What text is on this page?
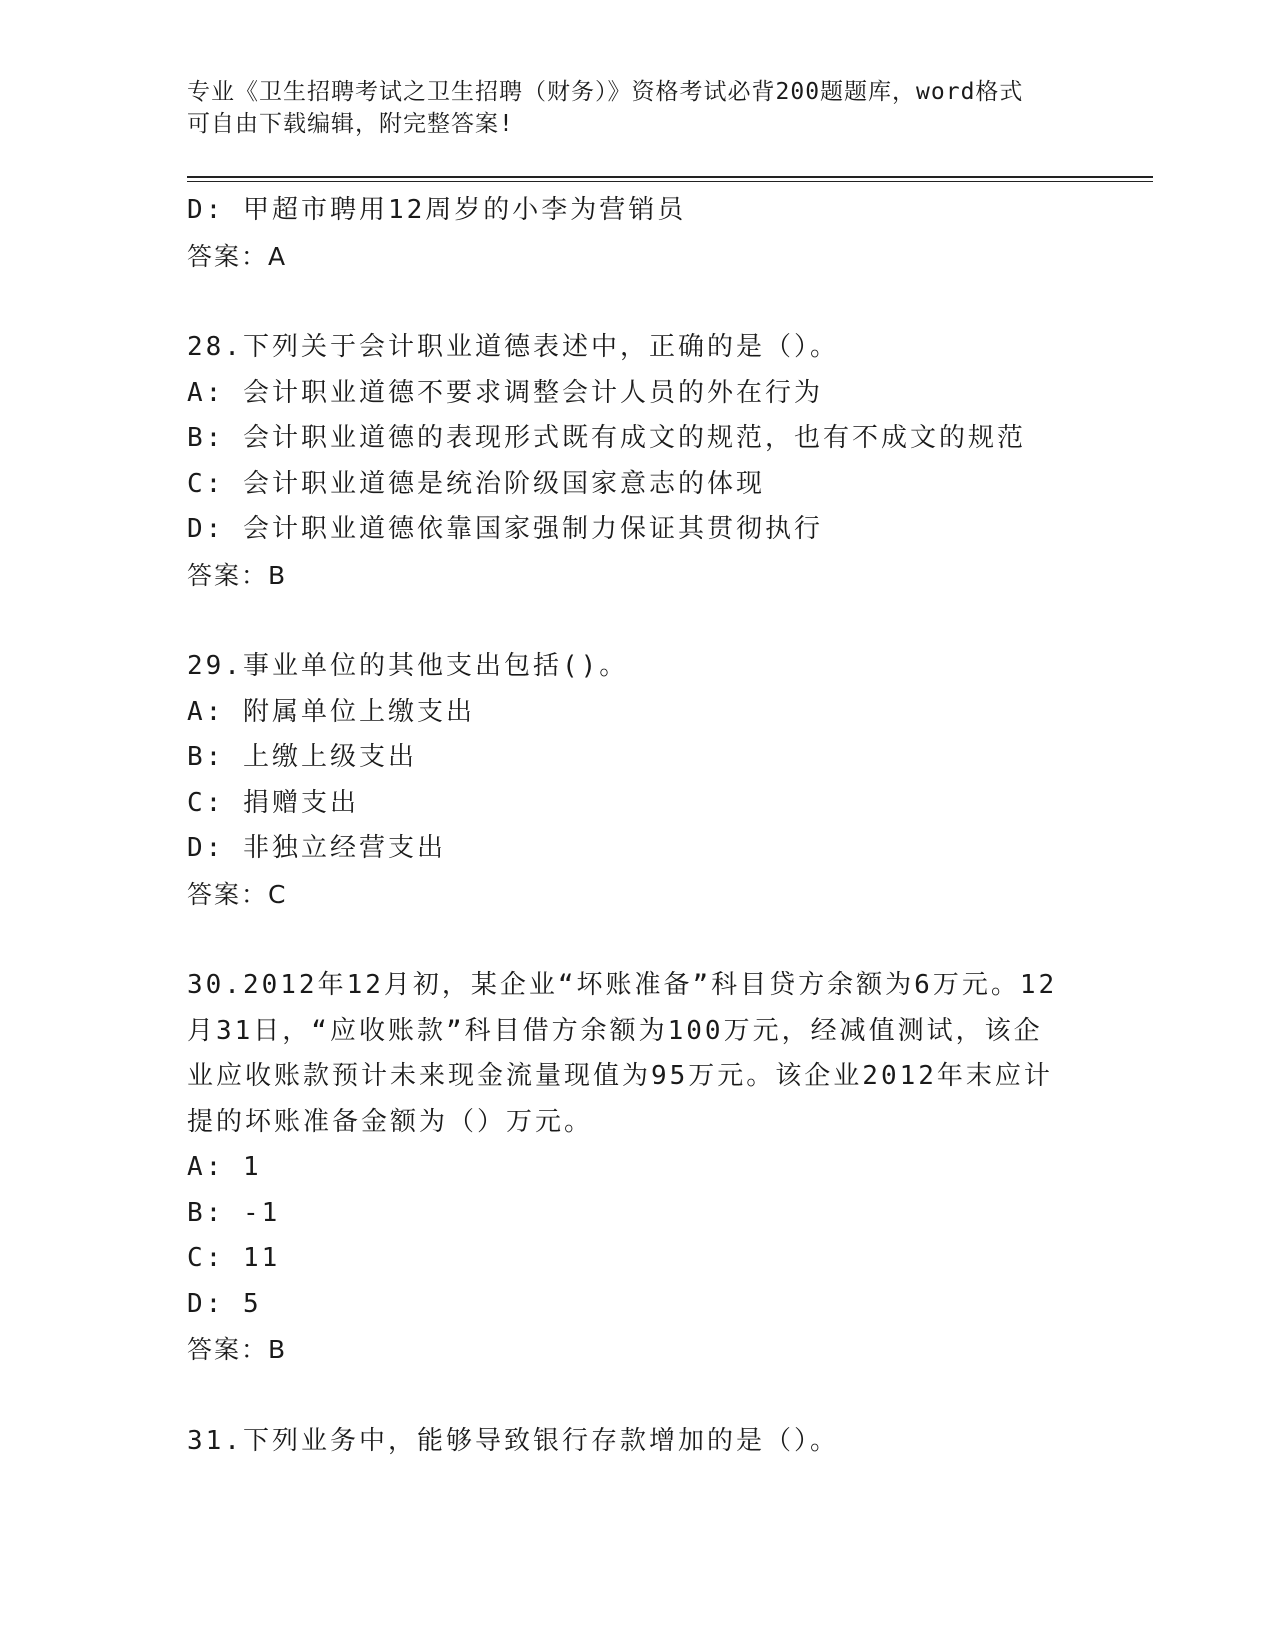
专业《卫生招聘考试之卫生招聘（财务）》资格考试必背200题题库，word格式
可自由下载编辑，附完整答案!
D: 甲超市聘用12周岁的小李为营销员
答案：A
28.下列关于会计职业道德表述中，正确的是（）。
A: 会计职业道德不要求调整会计人员的外在行为
B: 会计职业道德的表现形式既有成文的规范，也有不成文的规范
C: 会计职业道德是统治阶级国家意志的体现
D: 会计职业道德依靠国家强制力保证其贯彻执行
答案：B
29.事业单位的其他支出包括()。
A: 附属单位上缴支出
B: 上缴上级支出
C: 捐赠支出
D: 非独立经营支出
答案：C
30.2012年12月初，某企业“坏账准备”科目贷方余额为6万元。12
月31日，“应收账款”科目借方余额为100万元，经减值测试，该企
业应收账款预计未来现金流量现值为95万元。该企业2012年末应计
提的坏账准备金额为（）万元。
A: 1
B: -1
C: 11
D: 5
答案：B
31.下列业务中，能够导致银行存款增加的是（）。
